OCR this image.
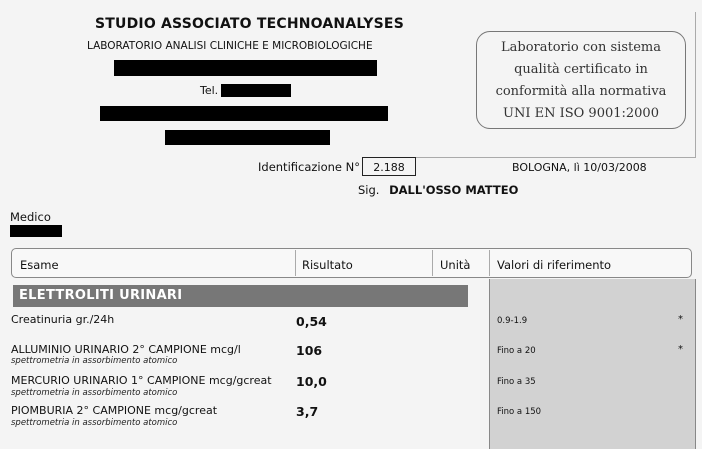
STUDIO ASSOCIATO TECHNOANALYSES
LABORATORIO ANALISI CLINICHE E MICROBIOLOGICHE
Tel.
Laboratorio con sistema
qualità certificato in
conformità alla normativa
UNI EN ISO 9001:2000
Identificazione N°	2.188	BOLOGNA, lì 10/03/2008
Sig. DALL'OSSO MATTEO
Medico
Esame	Risultato	Unità Valori di riferimento
ELETTROLITI URINARI
Creatinuria gr./24h	0,54	0.9-1.9	*
ALLUMINIO URINARIO 2° CAMPIONE mcg/l
spettrometria in assorbimento atomico
106	Fino a 20	*
MERCURIO URINARIO 1° CAMPIONE mcg/gcreat
spettrometria in assorbimento atomico
10,0	Fino a 35
PIOMBURIA 2° CAMPIONE mcg/gcreat
spettrometria in assorbimento atomico
3,7	Fino a 150
